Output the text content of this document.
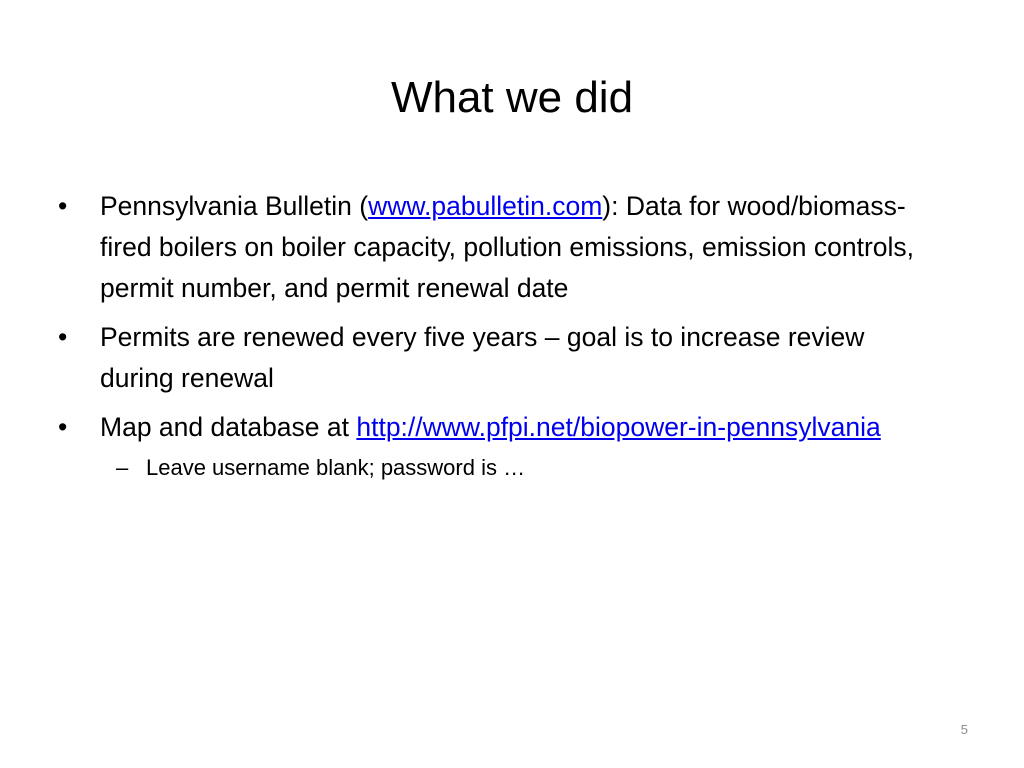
What we did
•	Pennsylvania Bulletin (www.pabulletin.com): Data for wood/biomass-fired boilers on boiler capacity, pollution emissions, emission controls, permit number, and permit renewal date
•	Permits are renewed every five years – goal is to increase review during renewal
•	Map and database at http://www.pfpi.net/biopower-in-pennsylvania
– Leave username blank; password is …
5
